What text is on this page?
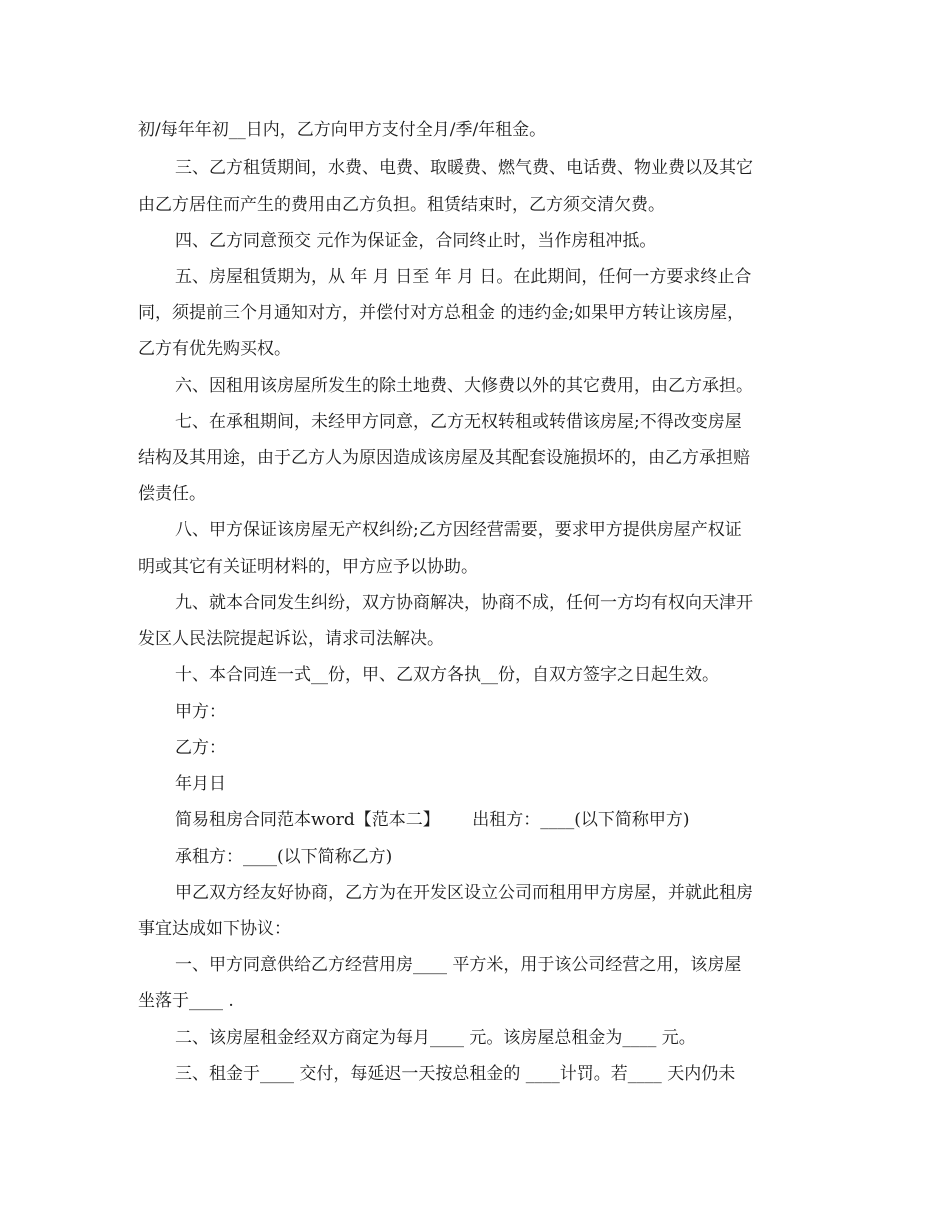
初/每年年初__日内，乙方向甲方支付全月/季/年租金。

三、乙方租赁期间，水费、电费、取暖费、燃气费、电话费、物业费以及其它

由乙方居住而产生的费用由乙方负担。租赁结束时，乙方须交清欠费。

四、乙方同意预交 元作为保证金，合同终止时，当作房租冲抵。

五、房屋租赁期为，从 年 月 日至 年 月 日。在此期间，任何一方要求终止合

同，须提前三个月通知对方，并偿付对方总租金 的违约金;如果甲方转让该房屋，

乙方有优先购买权。

六、因租用该房屋所发生的除土地费、大修费以外的其它费用，由乙方承担。

七、在承租期间，未经甲方同意，乙方无权转租或转借该房屋;不得改变房屋

结构及其用途，由于乙方人为原因造成该房屋及其配套设施损坏的，由乙方承担赔

偿责任。

八、甲方保证该房屋无产权纠纷;乙方因经营需要，要求甲方提供房屋产权证

明或其它有关证明材料的，甲方应予以协助。

九、就本合同发生纠纷，双方协商解决，协商不成，任何一方均有权向天津开

发区人民法院提起诉讼，请求司法解决。

十、本合同连一式__份，甲、乙双方各执__份，自双方签字之日起生效。

甲方：

乙方：

年月日

简易租房合同范本word【范本二】      出租方：____(以下简称甲方)

承租方：____(以下简称乙方)

甲乙双方经友好协商，乙方为在开发区设立公司而租用甲方房屋，并就此租房

事宜达成如下协议：

一、甲方同意供给乙方经营用房____ 平方米，用于该公司经营之用，该房屋

坐落于____ .

二、该房屋租金经双方商定为每月____ 元。该房屋总租金为____ 元。

三、租金于____ 交付，每延迟一天按总租金的 ____计罚。若____ 天内仍未
